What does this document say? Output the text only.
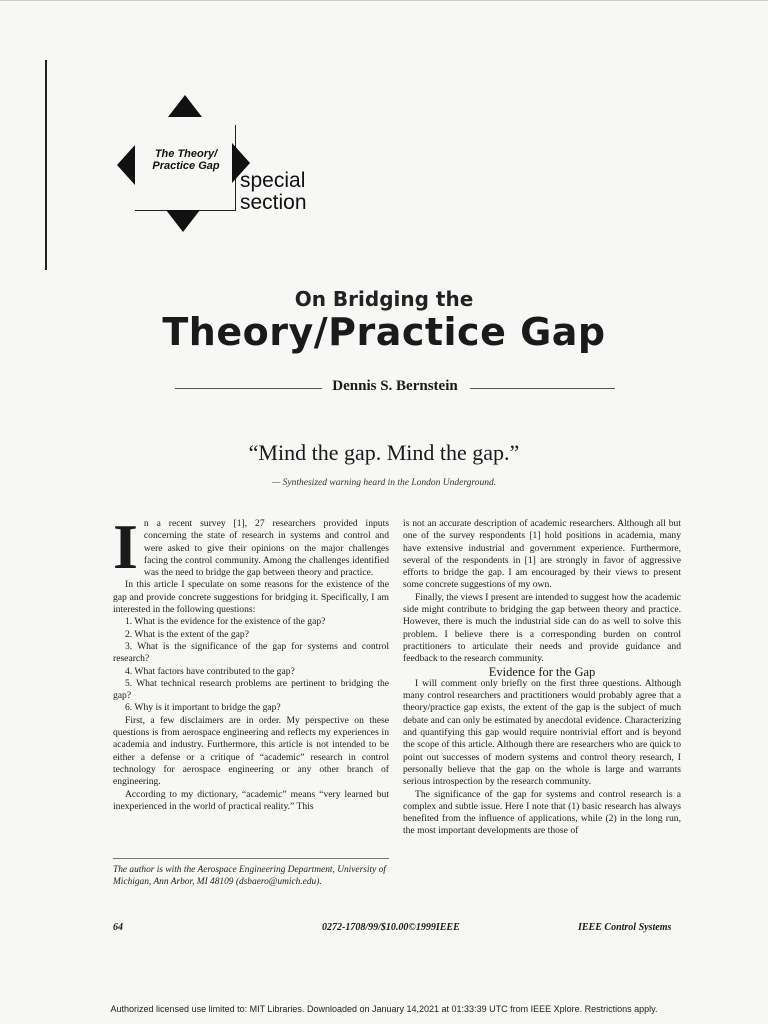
The Theory/
Practice Gap
special
section
On Bridging the
Theory/Practice Gap
Dennis S. Bernstein
“Mind the gap. Mind the gap.”
— Synthesized warning heard in the London Underground.

In a recent survey [1], 27 researchers provided inputs concerning the state of research in systems and control and were asked to give their opinions on the major challenges facing the control community. Among the challenges identified was the need to bridge the gap between theory and practice.

In this article I speculate on some reasons for the existence of the gap and provide concrete suggestions for bridging it. Specifically, I am interested in the following questions:

1. What is the evidence for the existence of the gap?

2. What is the extent of the gap?

3. What is the significance of the gap for systems and control research?

4. What factors have contributed to the gap?

5. What technical research problems are pertinent to bridging the gap?

6. Why is it important to bridge the gap?

First, a few disclaimers are in order. My perspective on these questions is from aerospace engineering and reflects my experiences in academia and industry. Furthermore, this article is not intended to be either a defense or a critique of “academic” research in control technology for aerospace engineering or any other branch of engineering.

According to my dictionary, “academic” means “very learned but inexperienced in the world of practical reality.” This

The author is with the Aerospace Engineering Department, University of Michigan, Ann Arbor, MI 48109 (dsbaero@umich.edu).

is not an accurate description of academic researchers. Although all but one of the survey respondents [1] hold positions in academia, many have extensive industrial and government experience. Furthermore, several of the respondents in [1] are strongly in favor of aggressive efforts to bridge the gap. I am encouraged by their views to present some concrete suggestions of my own.

Finally, the views I present are intended to suggest how the academic side might contribute to bridging the gap between theory and practice. However, there is much the industrial side can do as well to solve this problem. I believe there is a corresponding burden on control practitioners to articulate their needs and provide guidance and feedback to the research community.

Evidence for the Gap

I will comment only briefly on the first three questions. Although many control researchers and practitioners would probably agree that a theory/practice gap exists, the extent of the gap is the subject of much debate and can only be estimated by anecdotal evidence. Characterizing and quantifying this gap would require nontrivial effort and is beyond the scope of this article. Although there are researchers who are quick to point out successes of modern systems and control theory research, I personally believe that the gap on the whole is large and warrants serious introspection by the research community.

The significance of the gap for systems and control research is a complex and subtle issue. Here I note that (1) basic research has always benefited from the influence of applications, while (2) in the long run, the most important developments are those of

64	0272-1708/99/$10.00©1999IEEE	IEEE Control Systems
Authorized licensed use limited to: MIT Libraries. Downloaded on January 14,2021 at 01:33:39 UTC from IEEE Xplore. Restrictions apply.
